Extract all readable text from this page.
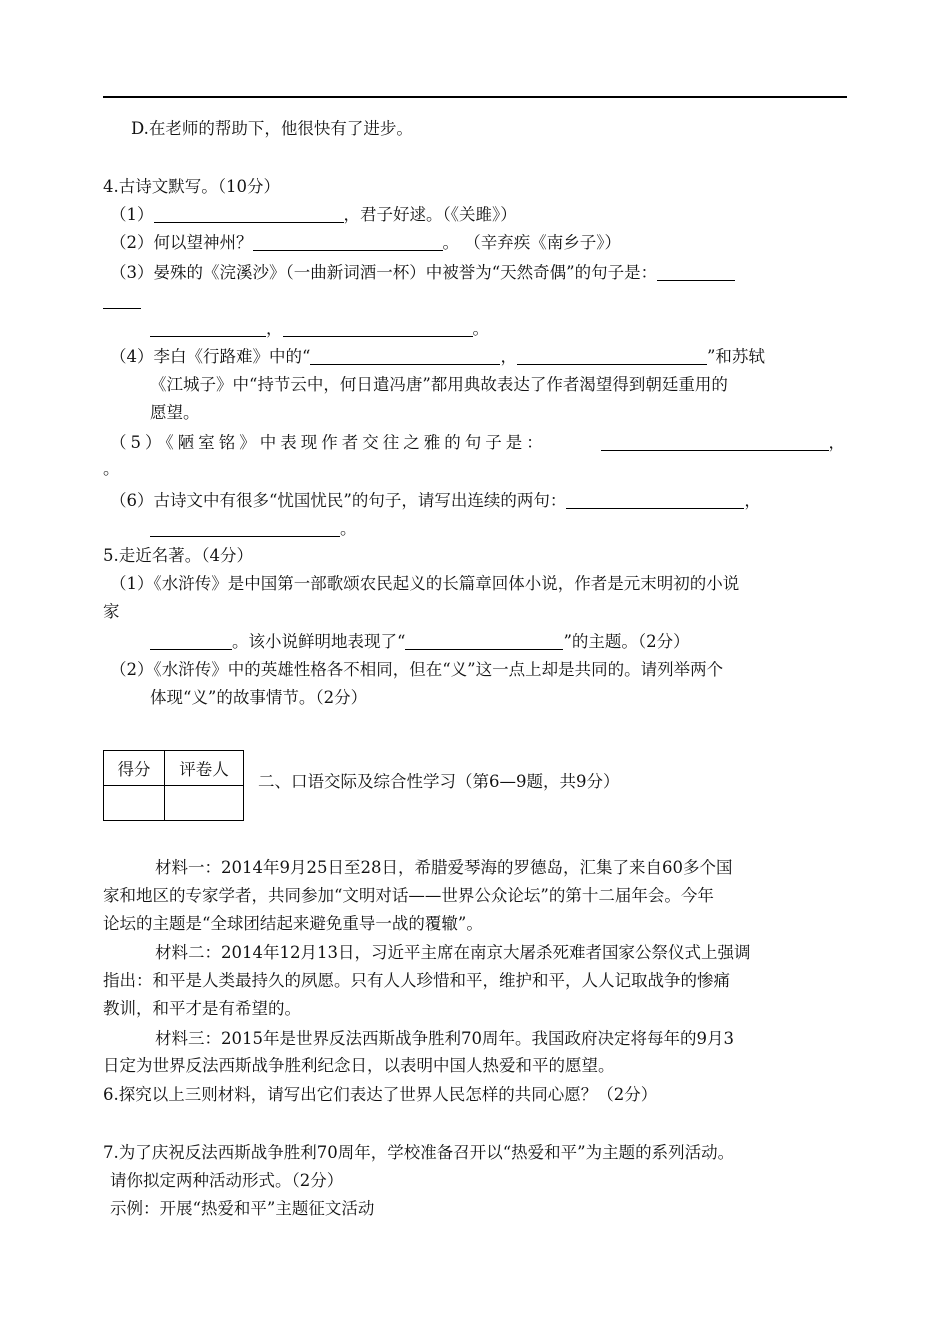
D.在老师的帮助下，他很快有了进步。
4.古诗文默写。（10分）
（1）	，君子好逑。（《关雎》）
（2）何以望神州？	。 （辛弃疾《南乡子》）
（3）晏殊的《浣溪沙》（一曲新词酒一杯）中被誉为“天然奇偶”的句子是：
，	。
（4）李白《行路难》中的“	，	”和苏轼
《江城子》中“持节云中，何日遣冯唐”都用典故表达了作者渴望得到朝廷重用的
愿望。
（5）《陋室铭》中表现作者交往之雅的句子是：	，
。
（6）古诗文中有很多“忧国忧民”的句子，请写出连续的两句：	，
。
5.走近名著。（4分）
（1）《水浒传》是中国第一部歌颂农民起义的长篇章回体小说，作者是元末明初的小说
家
。该小说鲜明地表现了“	”的主题。（2分）
（2）《水浒传》中的英雄性格各不相同，但在“义”这一点上却是共同的。请列举两个
体现“义”的故事情节。（2分）
得分	评卷人

二、口语交际及综合性学习（第6—9题，共9分）
材料一：2014年9月25日至28日，希腊爱琴海的罗德岛，汇集了来自60多个国
家和地区的专家学者，共同参加“文明对话——世界公众论坛”的第十二届年会。今年
论坛的主题是“全球团结起来避免重导一战的覆辙”。
材料二：2014年12月13日，习近平主席在南京大屠杀死难者国家公祭仪式上强调
指出：和平是人类最持久的夙愿。只有人人珍惜和平，维护和平，人人记取战争的惨痛
教训，和平才是有希望的。
材料三：2015年是世界反法西斯战争胜利70周年。我国政府决定将每年的9月3
日定为世界反法西斯战争胜利纪念日，以表明中国人热爱和平的愿望。
6.探究以上三则材料，请写出它们表达了世界人民怎样的共同心愿？（2分）
7.为了庆祝反法西斯战争胜利70周年，学校准备召开以“热爱和平”为主题的系列活动。
请你拟定两种活动形式。（2分）
示例：开展“热爱和平”主题征文活动
